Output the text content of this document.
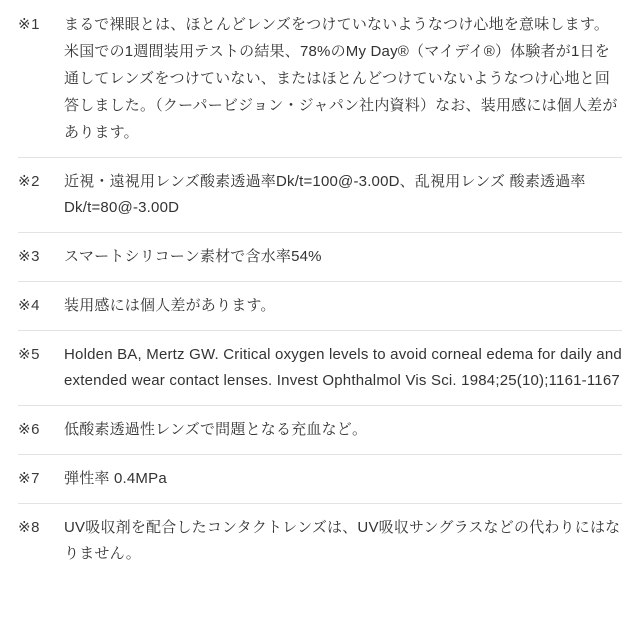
※1	まるで裸眼とは、ほとんどレンズをつけていないようなつけ心地を意味します。米国での1週間装用テストの結果、78%のMy Day®（マイデイ®）体験者が1日を通してレンズをつけていない、またはほとんどつけていないようなつけ心地と回答しました。（クーパービジョン・ジャパン社内資料）なお、装用感には個人差があります。
※2	近視・遠視用レンズ酸素透過率Dk/t=100@-3.00D、乱視用レンズ 酸素透過率Dk/t=80@-3.00D
※3	スマートシリコーン素材で含水率54%
※4	装用感には個人差があります。
※5	Holden BA, Mertz GW. Critical oxygen levels to avoid corneal edema for daily and extended wear contact lenses. Invest Ophthalmol Vis Sci. 1984;25(10);1161-1167
※6	低酸素透過性レンズで問題となる充血など。
※7	弾性率 0.4MPa
※8	UV吸収剤を配合したコンタクトレンズは、UV吸収サングラスなどの代わりにはなりません。
